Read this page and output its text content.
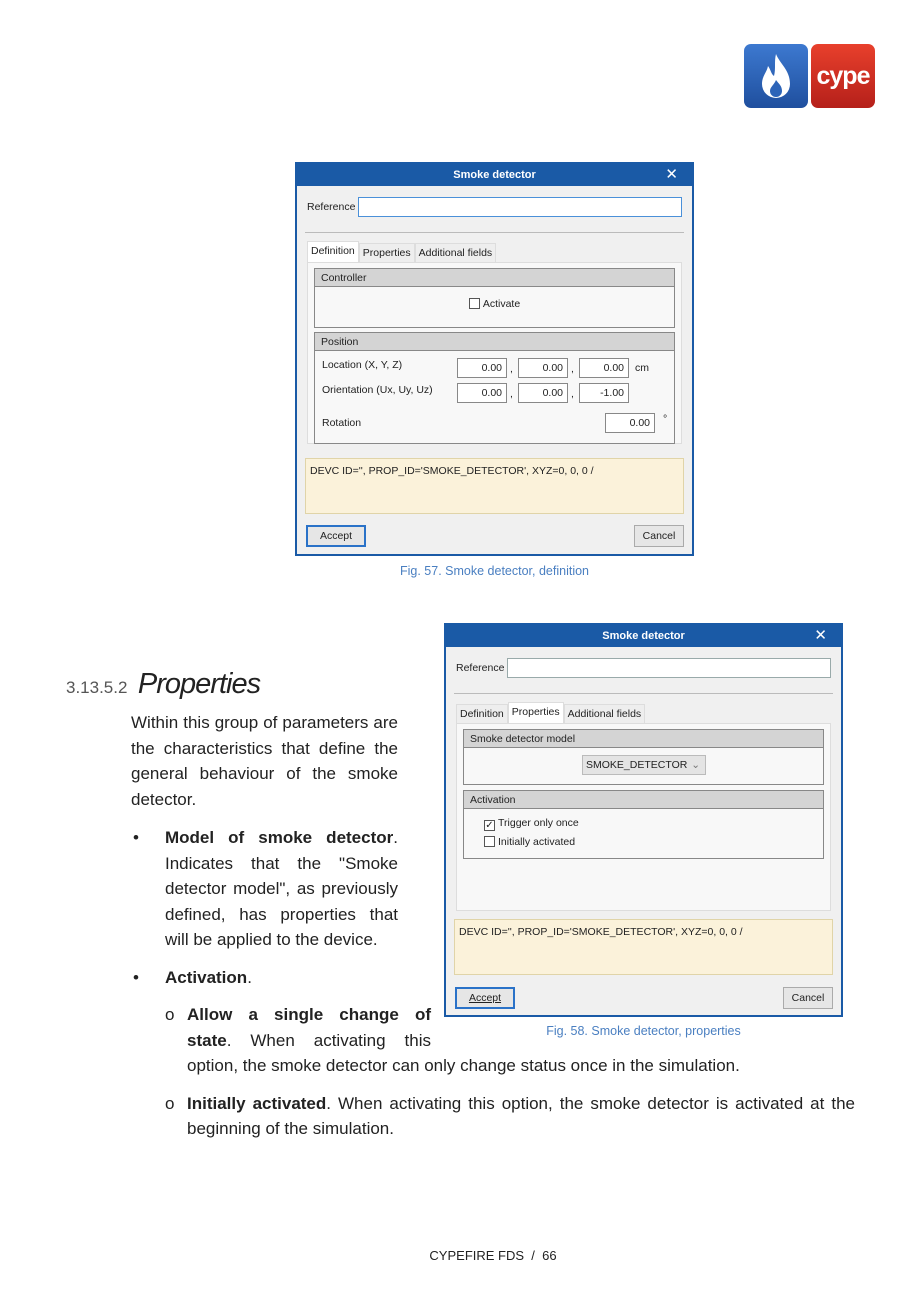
cype
Smoke detector	✕
Reference
Definition Properties Additional fields
Controller
Activate
Position
Location (X, Y, Z)	0.00 ,	0.00 ,	0.00	cm
Orientation (Ux, Uy, Uz)	0.00 ,	0.00 ,	-1.00
Rotation	0.00	°
DEVC ID='', PROP_ID='SMOKE_DETECTOR', XYZ=0, 0, 0 /
Accept	Cancel
Fig. 57. Smoke detector, definition
Smoke detector	✕
Reference
Definition Properties Additional fields
Smoke detector model
SMOKE_DETECTOR ⌄
Activation
✓ Trigger only once
Initially activated
DEVC ID='', PROP_ID='SMOKE_DETECTOR', XYZ=0, 0, 0 /
Accept	Cancel
Fig. 58. Smoke detector, properties
3.13.5.2 Properties
Within this group of parameters are the characteristics that define the general behaviour of the smoke detector.
• Model of smoke detector. Indicates that the "Smoke detector model", as previously defined, has properties that will be applied to the device.
• Activation.
o Allow a single change of state. When activating this option, the smoke detector can only change status once in the simulation.
o Initially activated. When activating this option, the smoke detector is activated at the beginning of the simulation.
CYPEFIRE FDS  /  66
